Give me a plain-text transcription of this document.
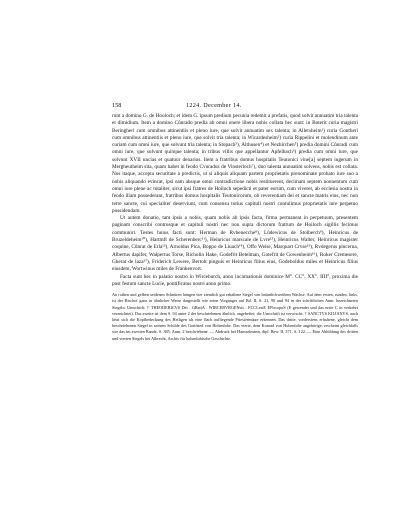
158	1224. December 14.

runt a domino G. de Hooloch; et idem G. ipsum predium pecunia redemit a prefatis, quod solvit annuatim tria talenta et dimidium. Item a domino Cůnrado predia ab omni onere libera nobis collata hec sunt: in Boterit curia magistri Beringheri cum omnibus attinentiis et pleno iure, que solvit annuatim sex talenta; in Allersheim¹) curia Gontheri cum omnibus attinentiis et pleno iure, que solvit tria talenta; in Wicardesheim²) curia Rippelini et molendinum ante curiam cum omni iure, que solvunt tria talenta; in Stopach³), Althusen⁴) et Nezhirchen⁵) predia domini Cůnradi cum omni iure, que solvunt quinque talenta; in tribus villis que appellantur Apfelbach⁶) predia cum omni iure, que solvunt XVII uncias et quatuor denarios. Item a fratribus domus hospitalis Teutonici vine[a] septem iugerum in Mergheutheim sita, quam habet in feodo Cvuradus de Vinsterloch⁷), duo talenta annuatim solvens, nobis est collata. Nos itaque, accepta securitate a predictis, ut si aliquis aliquam partem proprietatis prenominate probato iure suo a nobis aliquando evincat, ipsi eam absque omni contradictione nobis restituerent, decimam septem nonnentum cum omni iure plene ac totaliter, sicut ipsi fratres de Hoiloch sepedicti et pater eorum, cum viveret, ab ecclesia nostra in feodo illam possederant, fratribus domus hospitalis Teutonicorum, ob reverentiam dei et sancte matris eius, nec non terre sancte, cui specialiter deserviunt, cum consensu totius capituli nostri contulimus proprietatis iure perpetuo possidendam.

Ut autem donatio, tam ipsis a nobis, quam nobis ab ipsis facta, firma permaneat in perpetuum, presentem paginam conscribi contrusque et capituli nostri nec non supra dictorum fratrum de Hoiloch sigillis fecimus communiri. Testes huius facti sunt: Herman de Rvbenecche⁸), Lůdewicus de Stolberch⁹), Heinricus de Bruzeldeheim¹⁰), Hartmft de Scherenberc¹¹), Heinricus marscale de Lvre¹²), Heinricus Walter, Heinricus magister coquine, Cůnrat de Erla¹³), Arnoldus Pica, Boppo de Liuach¹⁴), Offo Weise, Marquart Crvse¹⁵), Rvdegerus pincerna, Albertus dapifer, Walpertus Torse, Richolin Hake, Godefrit Betelman, Gotefrit de Gowenheim¹⁶), Roker Cremesere, Gherat de laza¹⁷), Friderich Lewere, Bertolt pinguis et Heinricus filius eius, Godeboldus miles et Heinricus filius eiusdem, Wortwinus miles de Frankenvort.

Facta sunt hec in palatio nostro in Wirceburch, anno incarnationis dominice M°. CC°. XX°. IIII°, proxima die post festum sancte Lucie, pontificatus nostri anno primo.

An rothen und gelben seidenen Schnüren hängen vier ziemlich gut erhaltene Siegel von bräunlichweißem Wachse. Auf dem ersten, runden, links, ist der Bischof ganz in ähnlicher Weise dargestellt wie seine Vorgänger auf Bd. II, S. 21, 90 und 94 in der schriftlichen Anm. bezeichneten Siegeln. Umschrift: † THEODERICVS Dei . GRatiA . WIRCEBVRGENsis . ECCLesiE EPiscopuS (E gewendet und das erste C in verkehrt verzeichnet). Das zweite ist dem S. 94 unter 2 der beschriebenen ähnlich, angeheftet; die Umschrift ist verwischt: † SANCTVS KILIANVS, auch lässt sich die Kopfbedeckung des Heiligen als eine flach aufliegende Priestermütze erkennen. Das dritte, vorderstens erhaltene, gleicht dem beschriebenen Siegel in seinem Schilde des Gottfried von Hohenlohe. Das vierte, dem Konrad von Hohenlohe angehörige, erscheint gleichfalls wie das im zweiten Bande, S. 385, Anm. 2 beschriebene. — Abdruck bei Hansselmann, dipl. Bew. II, 371, S. 122. — Eine Abbildung des dritten und vierten Siegels bei Albrecht, Archiv für hohenlohische Geschichte.
